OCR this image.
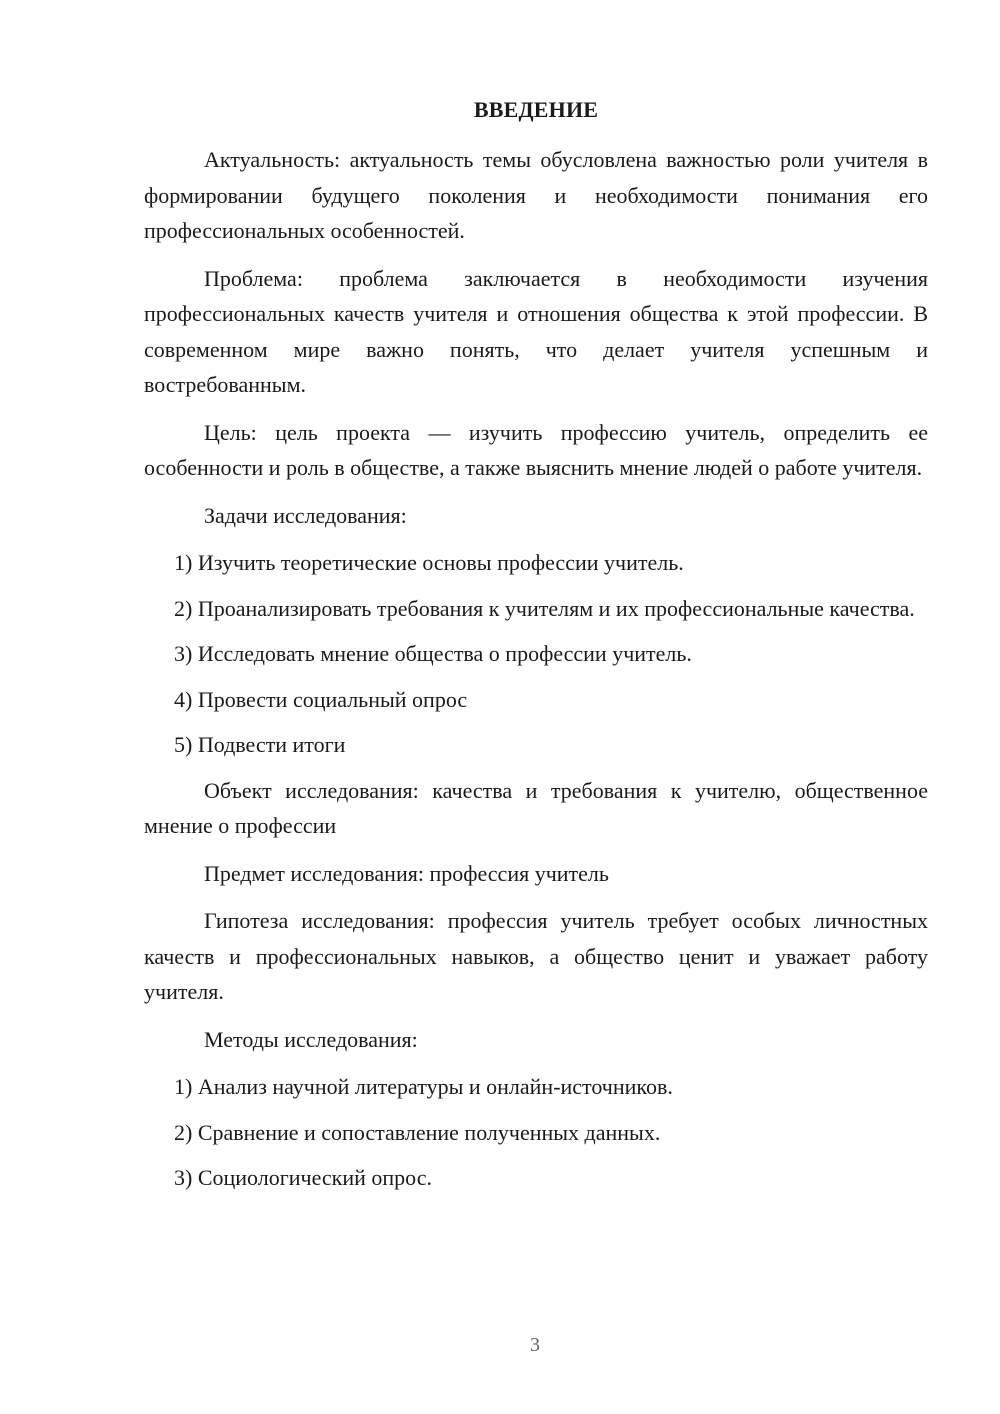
ВВЕДЕНИЕ

Актуальность: актуальность темы обусловлена важностью роли учителя в формировании будущего поколения и необходимости понимания его профессиональных особенностей.

Проблема: проблема заключается в необходимости изучения профессиональных качеств учителя и отношения общества к этой профессии. В современном мире важно понять, что делает учителя успешным и востребованным.

Цель: цель проекта — изучить профессию учитель, определить ее особенности и роль в обществе, а также выяснить мнение людей о работе учителя.

Задачи исследования:

1) Изучить теоретические основы профессии учитель.

2) Проанализировать требования к учителям и их профессиональные качества.

3) Исследовать мнение общества о профессии учитель.

4) Провести социальный опрос

5) Подвести итоги

Объект исследования: качества и требования к учителю, общественное мнение о профессии

Предмет исследования: профессия учитель

Гипотеза исследования: профессия учитель требует особых личностных качеств и профессиональных навыков, а общество ценит и уважает работу учителя.

Методы исследования:

1) Анализ научной литературы и онлайн-источников.

2) Сравнение и сопоставление полученных данных.

3) Социологический опрос.

3
